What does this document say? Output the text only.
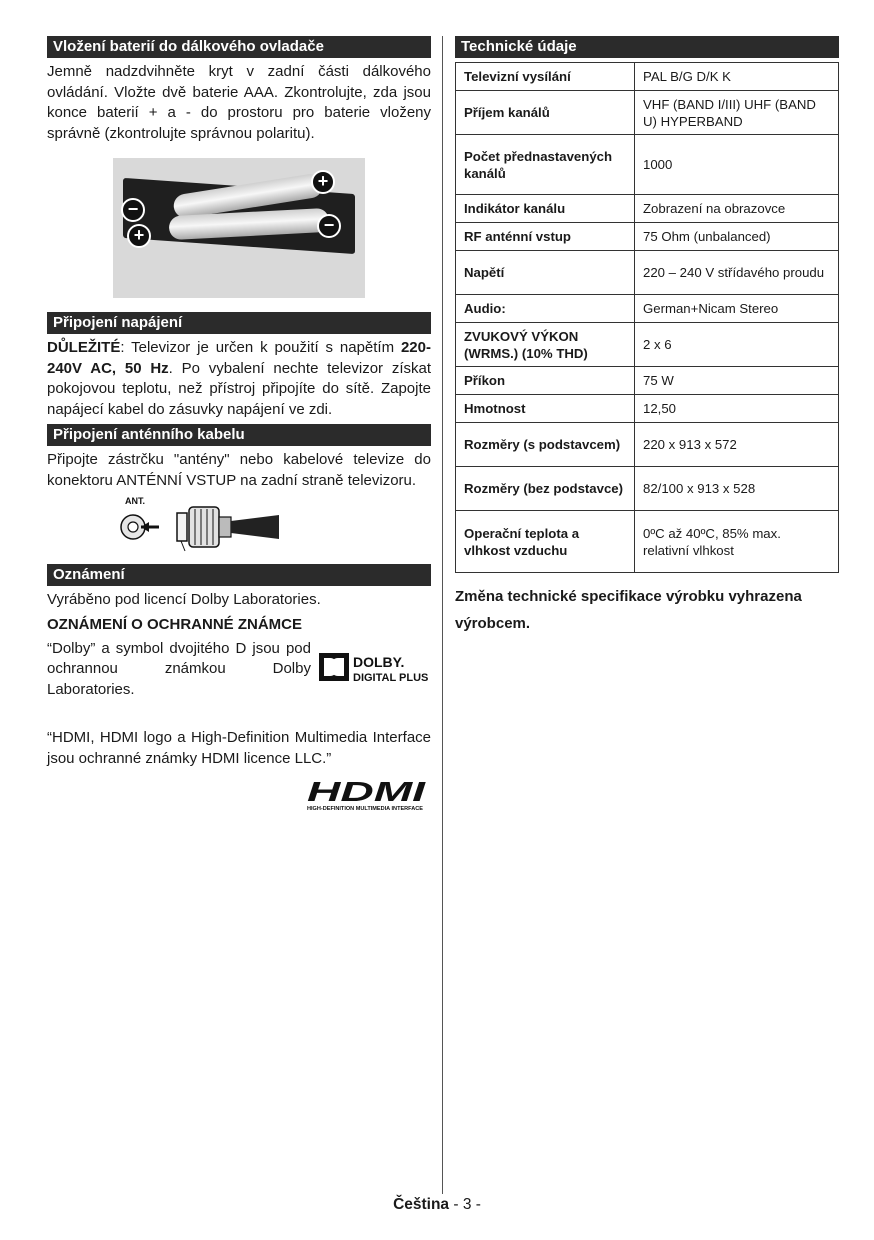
Vložení baterií do dálkového ovladače

Jemně nadzdvihněte kryt v zadní části dálkového ovládání. Vložte dvě baterie AAA. Zkontrolujte, zda jsou konce baterií + a - do prostoru pro baterie vloženy správně (zkontrolujte správnou polaritu).

+
−
+	−
Připojení napájení

DŮLEŽITÉ: Televizor je určen k použití s napětím 220-240V AC, 50 Hz. Po vybalení nechte televizor získat pokojovou teplotu, než přístroj připojíte do sítě. Zapojte napájecí kabel do zásuvky napájení ve zdi.

Připojení anténního kabelu

Připojte zástrčku "antény" nebo kabelové televize do konektoru ANTÉNNÍ VSTUP na zadní straně televizoru.

ANT.
Oznámení

Vyráběno pod licencí Dolby Laboratories.

OZNÁMENÍ O OCHRANNÉ ZNÁMCE

“Dolby” a symbol dvojitého D jsou pod ochrannou známkou Dolby Laboratories.

DOLBY.
DIGITAL PLUS

“HDMI, HDMI logo a High-Definition Multimedia Interface jsou ochranné známky HDMI licence LLC.”

HDMI
HIGH-DEFINITION MULTIMEDIA INTERFACE
Technické údaje
Televizní vysílání	PAL B/G D/K K
Příjem kanálů	VHF (BAND I/III) UHF (BAND U) HYPERBAND
Počet přednastavených kanálů	1000
Indikátor kanálu	Zobrazení na obrazovce
RF anténní vstup	75 Ohm (unbalanced)
Napětí	220 – 240 V střídavého proudu
Audio:	German+Nicam Stereo
ZVUKOVÝ VÝKON (WRMS.) (10% THD)	2 x 6
Příkon	75 W
Hmotnost	12,50
Rozměry (s podstavcem)	220 x 913 x 572
Rozměry (bez podstavce)	82/100 x 913 x 528
Operační teplota a vlhkost vzduchu	0ºC až 40ºC, 85% max. relativní vlhkost
Změna technické specifikace výrobku vyhrazena výrobcem.
Čeština - 3 -
